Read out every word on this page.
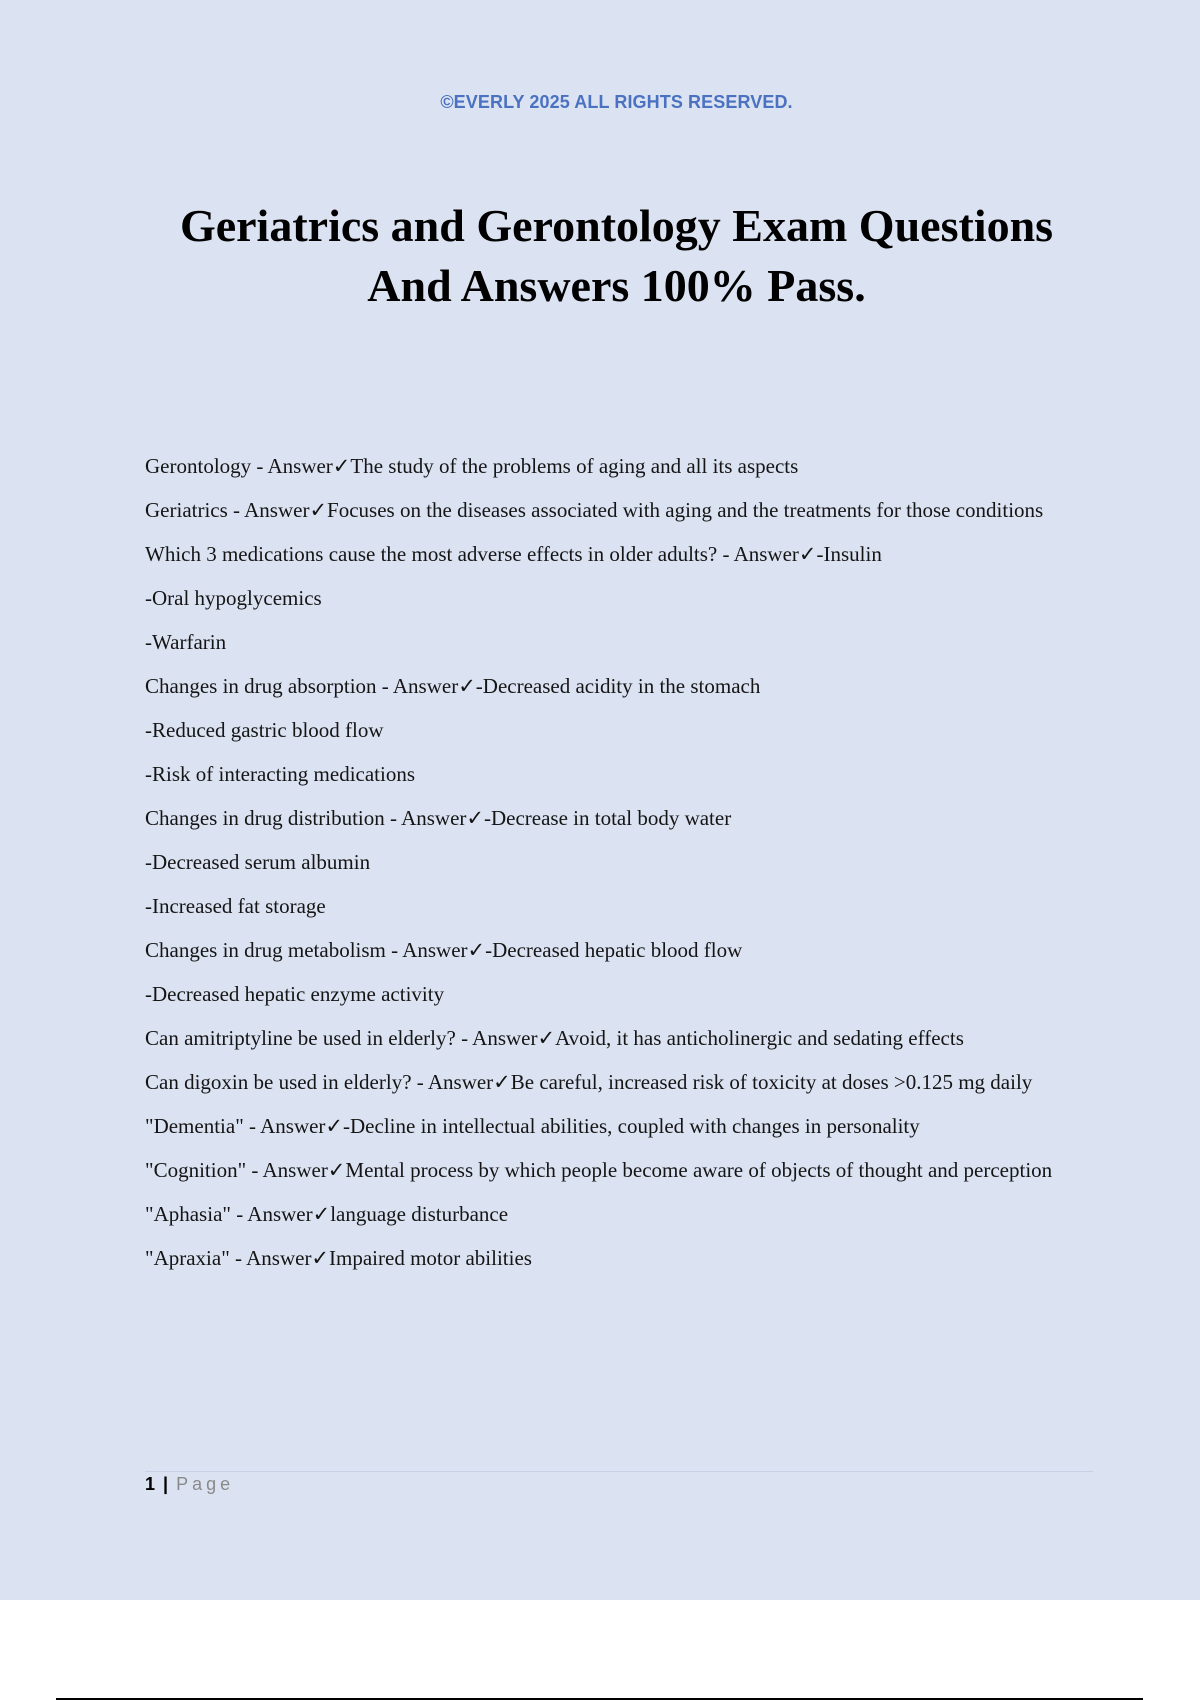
©EVERLY 2025 ALL RIGHTS RESERVED.
Geriatrics and Gerontology Exam Questions
And Answers 100% Pass.
Gerontology - Answer✓The study of the problems of aging and all its aspects
Geriatrics - Answer✓Focuses on the diseases associated with aging and the treatments for those conditions
Which 3 medications cause the most adverse effects in older adults? - Answer✓-Insulin
-Oral hypoglycemics
-Warfarin
Changes in drug absorption - Answer✓-Decreased acidity in the stomach
-Reduced gastric blood flow
-Risk of interacting medications
Changes in drug distribution - Answer✓-Decrease in total body water
-Decreased serum albumin
-Increased fat storage
Changes in drug metabolism - Answer✓-Decreased hepatic blood flow
-Decreased hepatic enzyme activity
Can amitriptyline be used in elderly? - Answer✓Avoid, it has anticholinergic and sedating effects
Can digoxin be used in elderly? - Answer✓Be careful, increased risk of toxicity at doses >0.125 mg daily
"Dementia" - Answer✓-Decline in intellectual abilities, coupled with changes in personality
"Cognition" - Answer✓Mental process by which people become aware of objects of thought and perception
"Aphasia" - Answer✓language disturbance
"Apraxia" - Answer✓Impaired motor abilities
1 | Page
